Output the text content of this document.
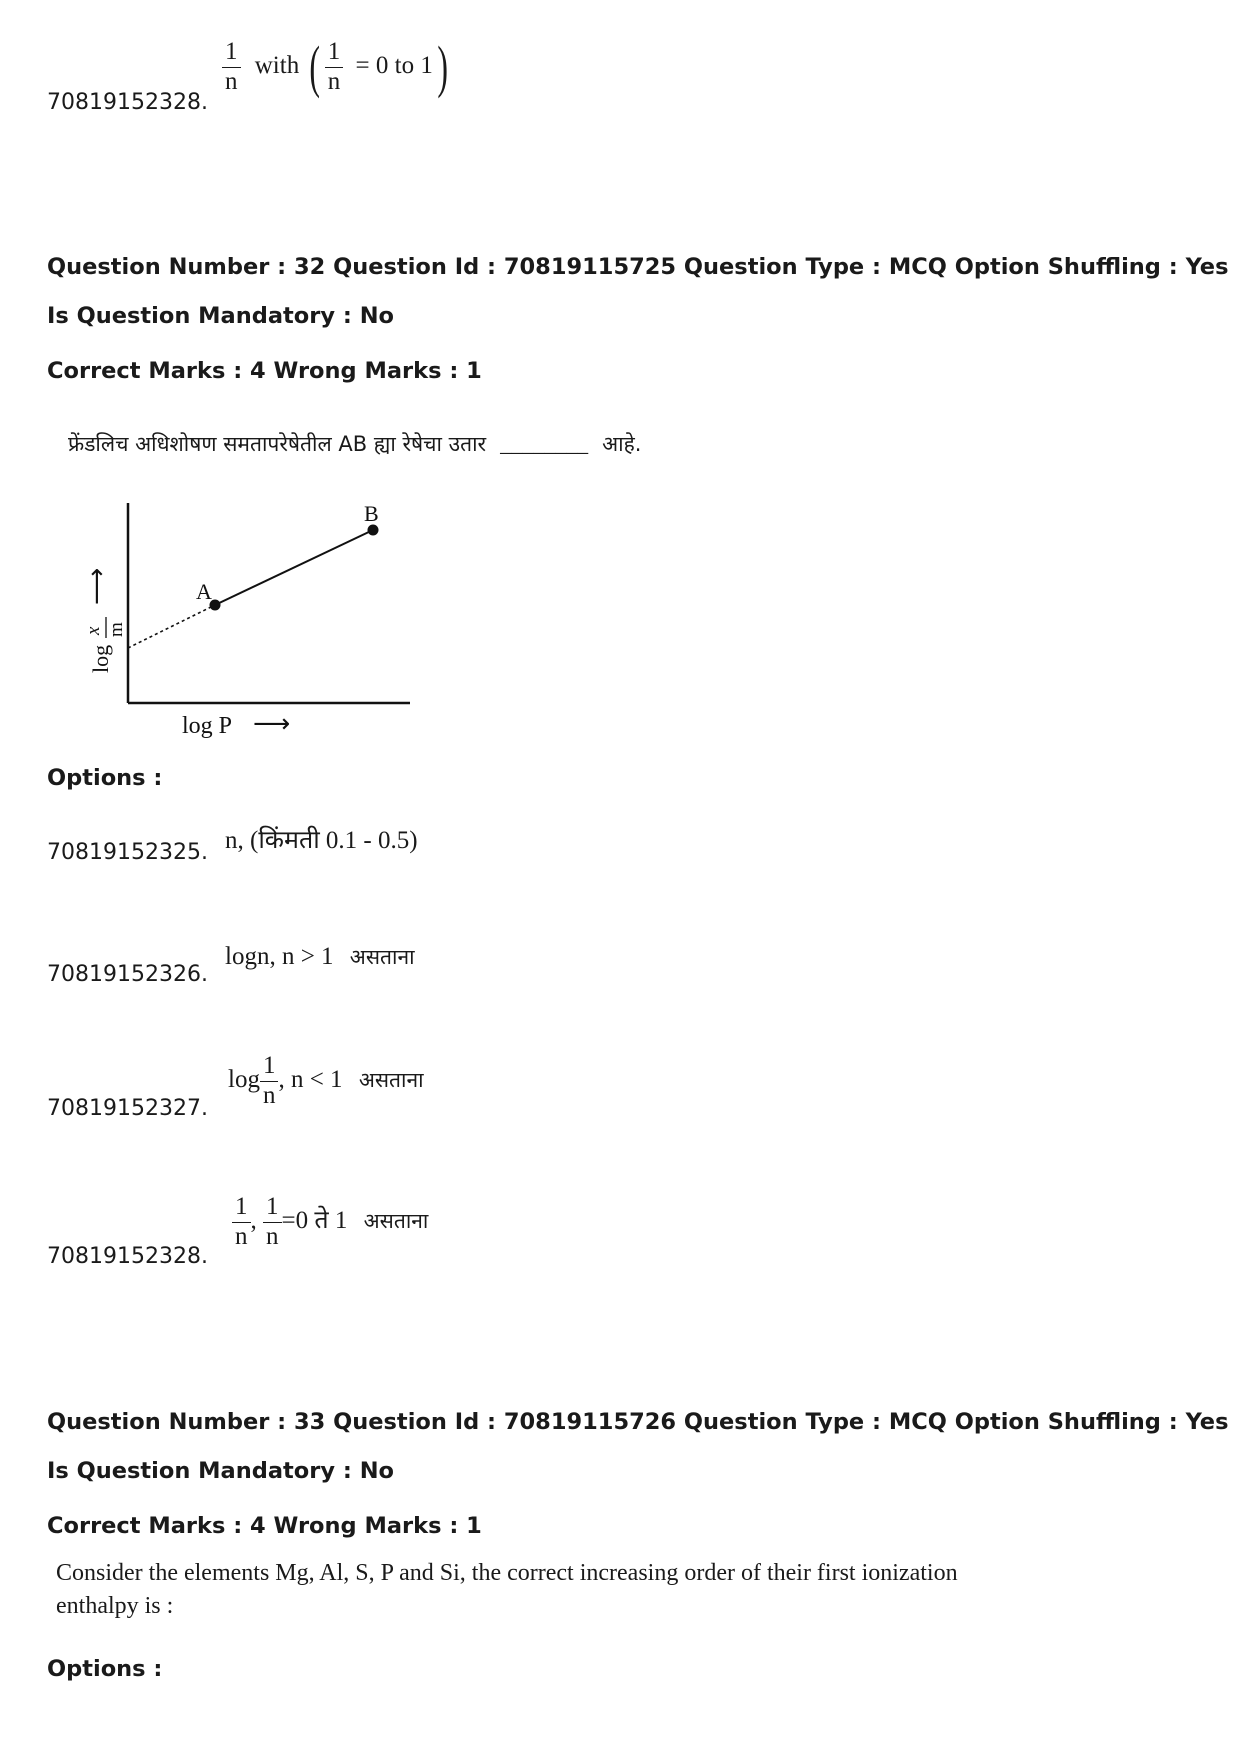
70819152328.
$\frac{1}{n}$ with ( $\frac{1}{n} = 0$ to 1)
Question Number : 32 Question Id : 70819115725 Question Type : MCQ Option Shuffling : Yes
Is Question Mandatory : No
Correct Marks : 4 Wrong Marks : 1
फ्रेंडलिच अधिशोषण समतापरेषेतील AB ह्या रेषेचा उतार ________ आहे.
A
B
log
x m
⟶
log P ⟶
Options :
70819152325. n, (किंमती 0.1 - 0.5)
70819152326.
logn, n > 1 असताना
70819152327.
$\log \frac{1}{n}$ , n < 1 असताना
70819152328.
$\frac{1}{n}$ , $\frac{1}{n} =0$ ते 1 असताना
Question Number : 33 Question Id : 70819115726 Question Type : MCQ Option Shuffling : Yes
Is Question Mandatory : No
Correct Marks : 4 Wrong Marks : 1
Consider the elements Mg, Al, S, P and Si, the correct increasing order of their first ionization
enthalpy is :
Options :
